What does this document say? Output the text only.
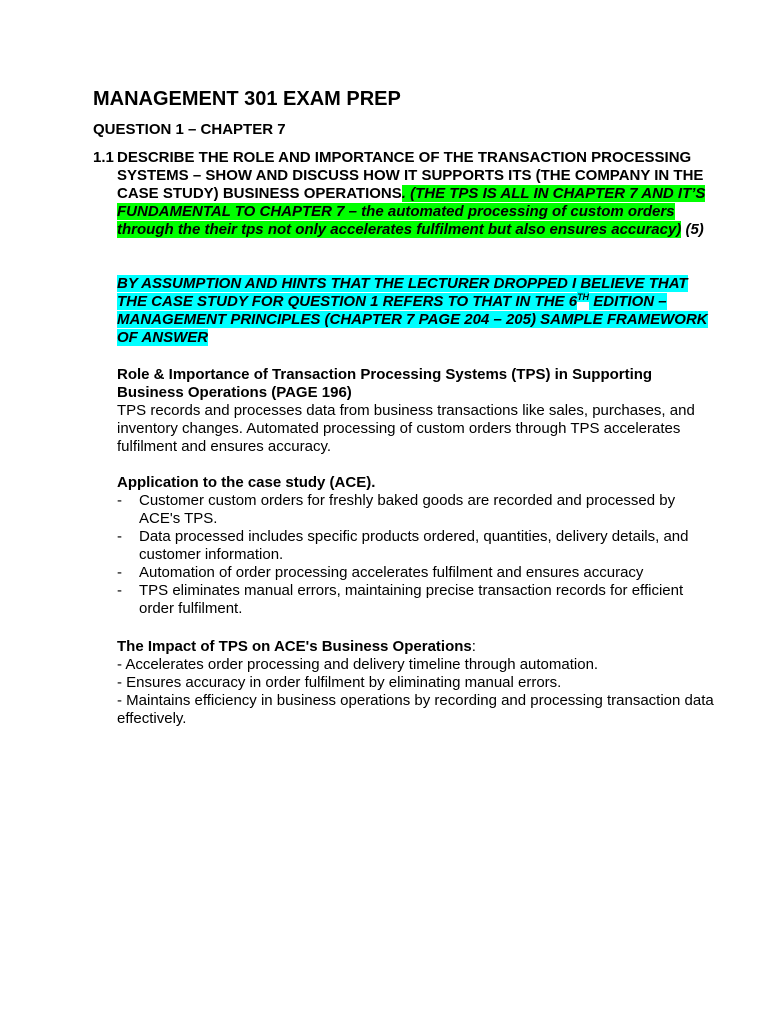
MANAGEMENT 301 EXAM PREP
QUESTION 1 – CHAPTER 7
1.1 DESCRIBE THE ROLE AND IMPORTANCE OF THE TRANSACTION PROCESSING SYSTEMS – SHOW AND DISCUSS HOW IT SUPPORTS ITS (THE COMPANY IN THE CASE STUDY) BUSINESS OPERATIONS. (THE TPS IS ALL IN CHAPTER 7 AND IT’S FUNDAMENTAL TO CHAPTER 7 – the automated processing of custom orders through the their tps not only accelerates fulfilment but also ensures accuracy) (5)
BY ASSUMPTION AND HINTS THAT THE LECTURER DROPPED I BELIEVE THAT THE CASE STUDY FOR QUESTION 1 REFERS TO THAT IN THE 6TH EDITION – MANAGEMENT PRINCIPLES (CHAPTER 7 PAGE 204 – 205) SAMPLE FRAMEWORK OF ANSWER
Role & Importance of Transaction Processing Systems (TPS) in Supporting Business Operations (PAGE 196)

TPS records and processes data from business transactions like sales, purchases, and inventory changes. Automated processing of custom orders through TPS accelerates fulfilment and ensures accuracy.

Application to the case study (ACE).
- Customer custom orders for freshly baked goods are recorded and processed by ACE's TPS.
- Data processed includes specific products ordered, quantities, delivery details, and customer information.
- Automation of order processing accelerates fulfilment and ensures accuracy
- TPS eliminates manual errors, maintaining precise transaction records for efficient order fulfilment.
The Impact of TPS on ACE's Business Operations:
- Accelerates order processing and delivery timeline through automation.
- Ensures accuracy in order fulfilment by eliminating manual errors.
- Maintains efficiency in business operations by recording and processing transaction data effectively.
